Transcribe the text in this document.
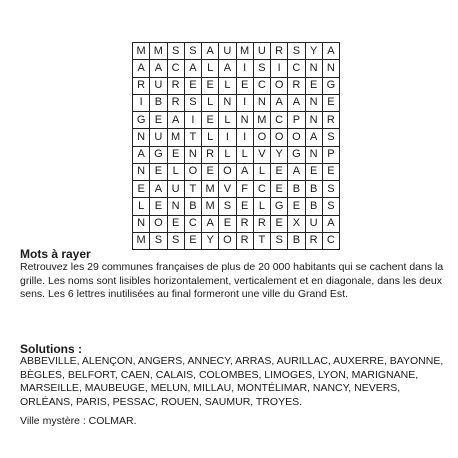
M	M	S	S	A	U	M	U	R	S	Y	A
A	A	C	A	L	A	I	S	I	C	N	N
R	U	R	E	E	L	E	C	O	R	E	G
I	B	R	S	L	N	I	N	A	A	N	E
G	E	A	I	E	L	N	M	C	P	N	R
N	U	M	T	L	I	I	O	O	O	A	S
A	G	E	N	R	L	L	V	Y	G	N	P
N	E	L	O	E	O	A	L	E	A	E	E
E	A	U	T	M	V	F	C	E	B	B	S
L	E	N	B	M	S	E	L	G	E	B	S
N	O	E	C	A	E	R	R	E	X	U	A
M	S	S	E	Y	O	R	T	S	B	R	C

Mots à rayer

Retrouvez les 29 communes françaises de plus de 20 000 habitants qui se cachent dans la grille. Les noms sont lisibles horizontalement, verticalement et en diagonale, dans les deux sens. Les 6 lettres inutilisées au final formeront une ville du Grand Est.

Solutions :

ABBEVILLE, ALENÇON, ANGERS, ANNECY, ARRAS, AURILLAC, AUXERRE, BAYONNE, BÈGLES, BELFORT, CAEN, CALAIS, COLOMBES, LIMOGES, LYON, MARIGNANE, MARSEILLE, MAUBEUGE, MELUN, MILLAU, MONTÉLIMAR, NANCY, NEVERS, ORLÉANS, PARIS, PESSAC, ROUEN, SAUMUR, TROYES.

Ville mystère : COLMAR.
